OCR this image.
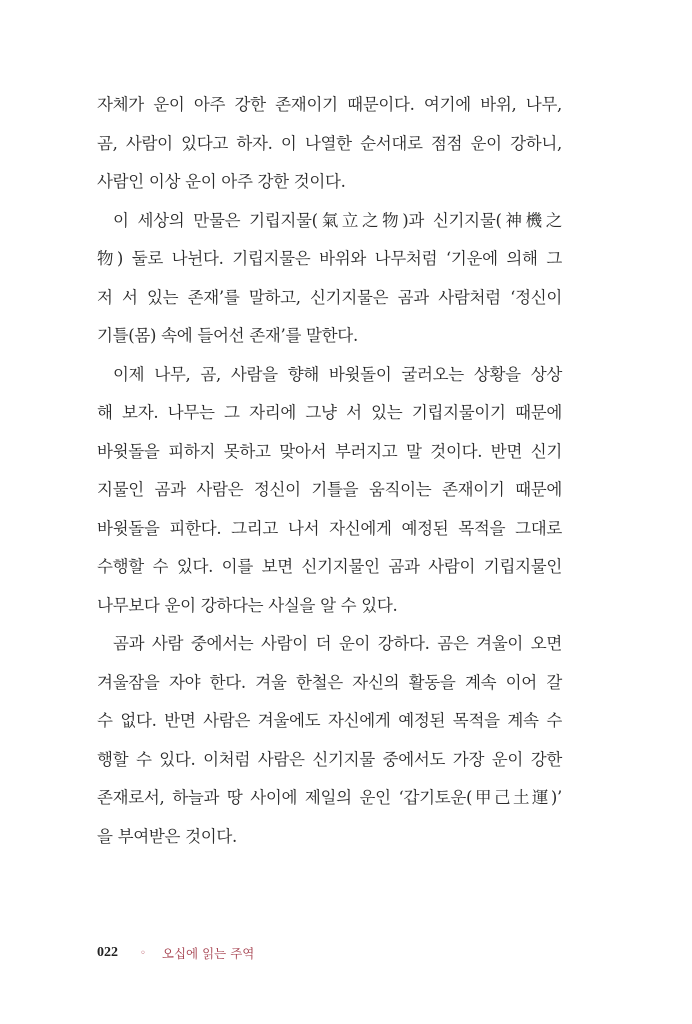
자체가 운이 아주 강한 존재이기 때문이다. 여기에 바위, 나무,
곰, 사람이 있다고 하자. 이 나열한 순서대로 점점 운이 강하니,
사람인 이상 운이 아주 강한 것이다.
이 세상의 만물은 기립지물(氣立之物)과 신기지물(神機之
物) 둘로 나뉜다. 기립지물은 바위와 나무처럼 ‘기운에 의해 그
저 서 있는 존재’를 말하고, 신기지물은 곰과 사람처럼 ‘정신이
기틀(몸) 속에 들어선 존재’를 말한다.
이제 나무, 곰, 사람을 향해 바윗돌이 굴러오는 상황을 상상
해 보자. 나무는 그 자리에 그냥 서 있는 기립지물이기 때문에
바윗돌을 피하지 못하고 맞아서 부러지고 말 것이다. 반면 신기
지물인 곰과 사람은 정신이 기틀을 움직이는 존재이기 때문에
바윗돌을 피한다. 그리고 나서 자신에게 예정된 목적을 그대로
수행할 수 있다. 이를 보면 신기지물인 곰과 사람이 기립지물인
나무보다 운이 강하다는 사실을 알 수 있다.
곰과 사람 중에서는 사람이 더 운이 강하다. 곰은 겨울이 오면
겨울잠을 자야 한다. 겨울 한철은 자신의 활동을 계속 이어 갈
수 없다. 반면 사람은 겨울에도 자신에게 예정된 목적을 계속 수
행할 수 있다. 이처럼 사람은 신기지물 중에서도 가장 운이 강한
존재로서, 하늘과 땅 사이에 제일의 운인 ‘갑기토운(甲己土運)’
을 부여받은 것이다.
022 ◦ 오십에 읽는 주역
